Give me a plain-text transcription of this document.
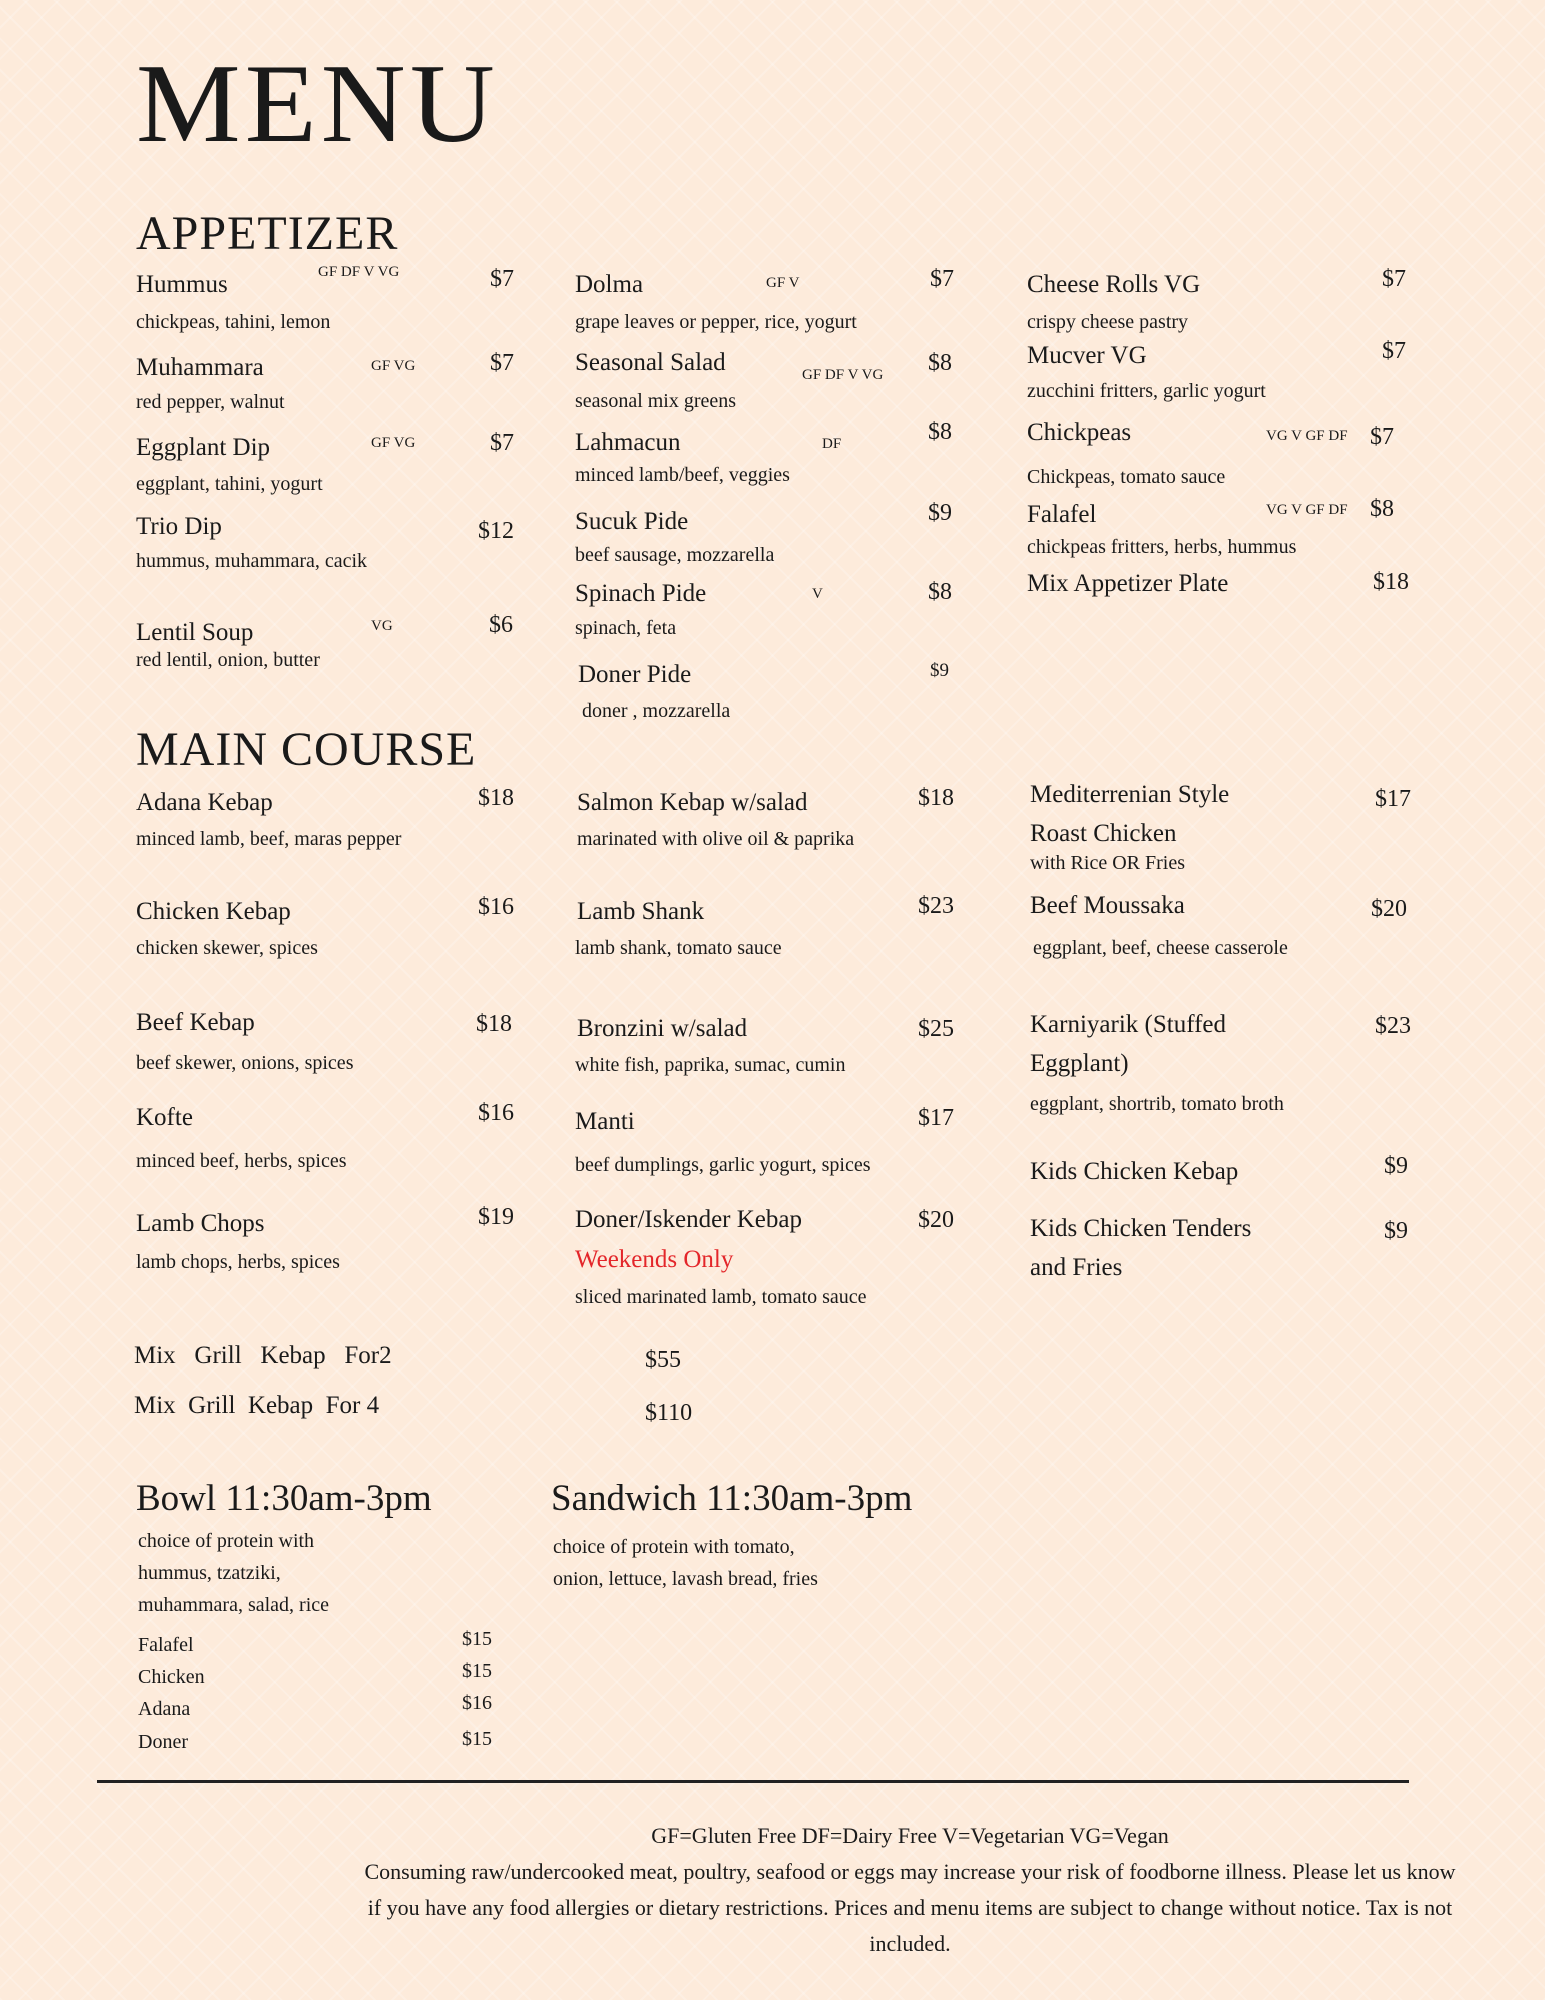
MENU
APPETIZER
Hummus	GF DF V VG	$7
chickpeas, tahini, lemon
Muhammara	GF VG	$7
red pepper, walnut
Eggplant Dip	GF VG	$7
eggplant, tahini, yogurt
Trio Dip	$12
hummus, muhammara, cacik
Lentil Soup	VG	$6
red lentil, onion, butter
Dolma	GF V	$7
grape leaves or pepper, rice, yogurt
Seasonal Salad	GF DF V VG $8
seasonal mix greens
Lahmacun	DF	$8
minced lamb/beef, veggies
Sucuk Pide	$9
beef sausage, mozzarella
Spinach Pide	V	$8
spinach, feta
Doner Pide	$9
doner , mozzarella
Cheese Rolls VG	$7
crispy cheese pastry
Mucver VG	$7
zucchini fritters, garlic yogurt
Chickpeas	VG V GF DF $7
Chickpeas, tomato sauce
Falafel	VG V GF DF $8
chickpeas fritters, herbs, hummus
Mix Appetizer Plate	$18
MAIN COURSE
Adana Kebap	$18
minced lamb, beef, maras pepper
Chicken Kebap	$16
chicken skewer, spices
Beef Kebap	$18
beef skewer, onions, spices
Kofte	$16
minced beef, herbs, spices
Lamb Chops	$19
lamb chops, herbs, spices
Salmon Kebap w/salad	$18
marinated with olive oil & paprika
Lamb Shank	$23
lamb shank, tomato sauce
Bronzini w/salad	$25
white fish, paprika, sumac, cumin
Manti	$17
beef dumplings, garlic yogurt, spices
Doner/Iskender Kebap	$20
Weekends Only
sliced marinated lamb, tomato sauce
Mediterrenian Style
Roast Chicken
$17
with Rice OR Fries
Beef Moussaka	$20
eggplant, beef, cheese casserole
Karniyarik (Stuffed
Eggplant)
$23
eggplant, shortrib, tomato broth
Kids Chicken Kebap	$9
Kids Chicken Tenders
and Fries
$9
Mix   Grill   Kebap   For2	$55
Mix  Grill  Kebap  For 4	$110
Bowl 11:30am-3pm
choice of protein with
hummus, tzatziki,
muhammara, salad, rice
Falafel	$15
Chicken	$15
Adana	$16
Doner	$15
Sandwich 11:30am-3pm
choice of protein with tomato,
onion, lettuce, lavash bread, fries
GF=Gluten Free DF=Dairy Free V=Vegetarian VG=Vegan
Consuming raw/undercooked meat, poultry, seafood or eggs may increase your risk of foodborne illness. Please let us know if you have any food allergies or dietary restrictions. Prices and menu items are subject to change without notice. Tax is not included.
